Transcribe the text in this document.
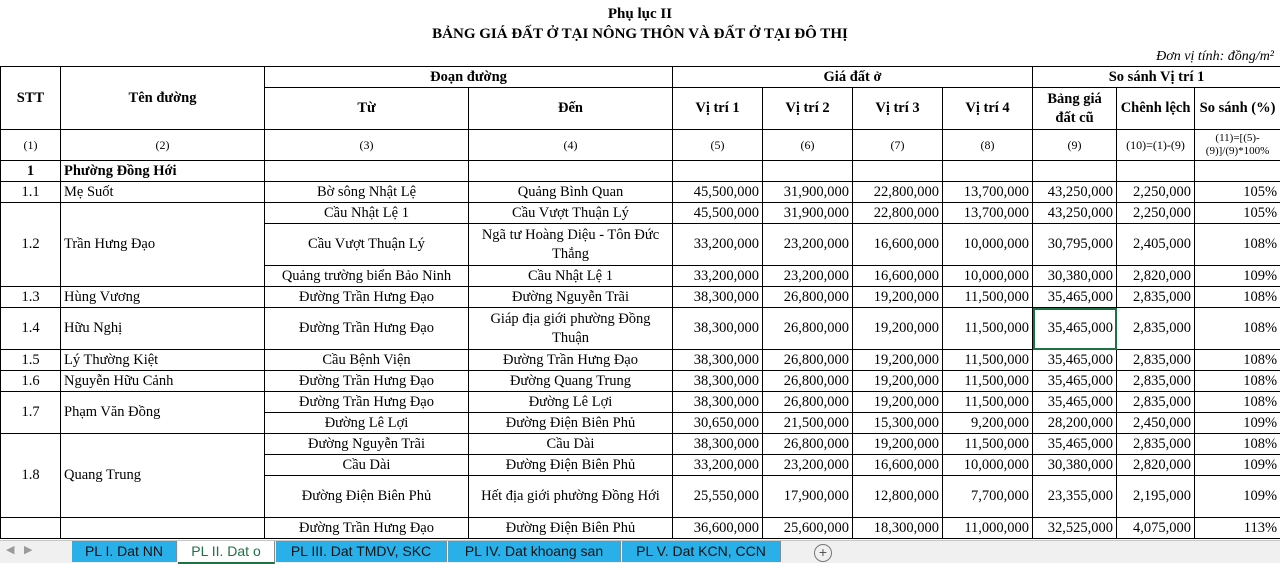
Phụ lục II
BẢNG GIÁ ĐẤT Ở TẠI NÔNG THÔN VÀ ĐẤT Ở TẠI ĐÔ THỊ
Đơn vị tính: đồng/m²
STT	Tên đường	Đoạn đường		Giá đất ở				So sánh Vị trí 1		
		Từ	Đến	Vị trí 1	Vị trí 2	Vị trí 3	Vị trí 4	Bảng giá đất cũ	Chênh lệch	So sánh (%)
(1)	(2)	(3)	(4)	(5)	(6)	(7)	(8)	(9)	(10)=(1)-(9)	(11)=[(5)-(9)]/(9)*100%
1	Phường Đồng Hới									
1.1	Mẹ Suốt	Bờ sông Nhật Lệ	Quảng Bình Quan	45,500,000	31,900,000	22,800,000	13,700,000	43,250,000	2,250,000	105%
1.2	Trần Hưng Đạo	Cầu Nhật Lệ 1	Cầu Vượt Thuận Lý	45,500,000	31,900,000	22,800,000	13,700,000	43,250,000	2,250,000	105%
		Cầu Vượt Thuận Lý	Ngã tư Hoàng Diệu - Tôn Đức Thắng	33,200,000	23,200,000	16,600,000	10,000,000	30,795,000	2,405,000	108%
		Quảng trường biển Bảo Ninh	Cầu Nhật Lệ 1	33,200,000	23,200,000	16,600,000	10,000,000	30,380,000	2,820,000	109%
1.3	Hùng Vương	Đường Trần Hưng Đạo	Đường Nguyễn Trãi	38,300,000	26,800,000	19,200,000	11,500,000	35,465,000	2,835,000	108%
1.4	Hữu Nghị	Đường Trần Hưng Đạo	Giáp địa giới phường Đồng Thuận	38,300,000	26,800,000	19,200,000	11,500,000	35,465,000	2,835,000	108%
1.5	Lý Thường Kiệt	Cầu Bệnh Viện	Đường Trần Hưng Đạo	38,300,000	26,800,000	19,200,000	11,500,000	35,465,000	2,835,000	108%
1.6	Nguyễn Hữu Cảnh	Đường Trần Hưng Đạo	Đường Quang Trung	38,300,000	26,800,000	19,200,000	11,500,000	35,465,000	2,835,000	108%
1.7	Phạm Văn Đồng	Đường Trần Hưng Đạo	Đường Lê Lợi	38,300,000	26,800,000	19,200,000	11,500,000	35,465,000	2,835,000	108%
		Đường Lê Lợi	Đường Điện Biên Phủ	30,650,000	21,500,000	15,300,000	9,200,000	28,200,000	2,450,000	109%
1.8	Quang Trung	Đường Nguyễn Trãi	Cầu Dài	38,300,000	26,800,000	19,200,000	11,500,000	35,465,000	2,835,000	108%
		Cầu Dài	Đường Điện Biên Phủ	33,200,000	23,200,000	16,600,000	10,000,000	30,380,000	2,820,000	109%
		Đường Điện Biên Phủ	Hết địa giới phường Đồng Hới	25,550,000	17,900,000	12,800,000	7,700,000	23,355,000	2,195,000	109%
		Đường Trần Hưng Đạo	Đường Điện Biên Phủ	36,600,000	25,600,000	18,300,000	11,000,000	32,525,000	4,075,000	113%
◀ ▶	PL I. Dat NN	PL II. Dat o	PL III. Dat TMDV, SKC	PL IV. Dat khoang san	PL V. Dat KCN, CCN	+
